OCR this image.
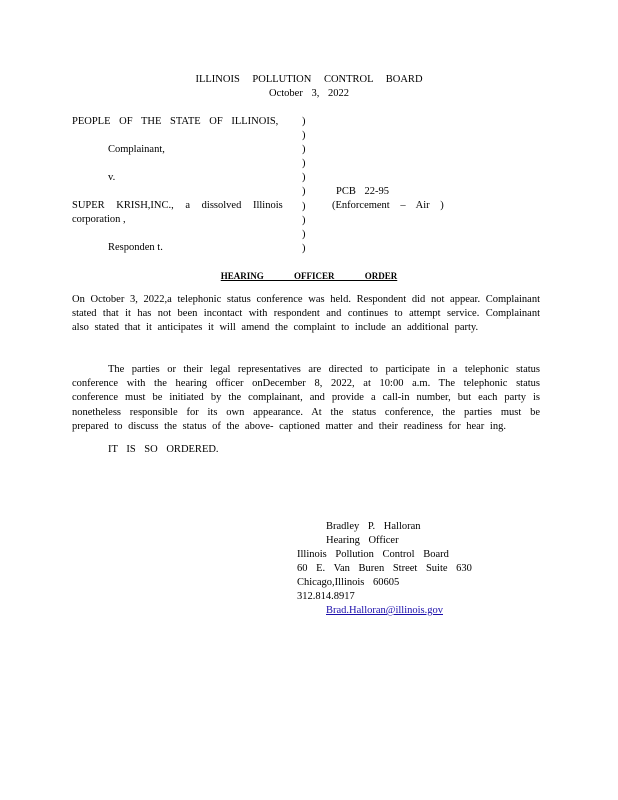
ILLINOIS POLLUTION CONTROL BOARD
October 3, 2022
PEOPLE OF THE STATE OF ILLINOIS,
Complainant,
v.
SUPER KRISH,INC., a dissolved Illinois
corporation ,
Responden t.
)
)
)
)
)
)
)
)
)
)
PCB 22-95
(Enforcement – Air )
HEARING OFFICER ORDER

On October 3, 2022,a telephonic status conference was held. Respondent did not appear. Complainant stated that it has not been incontact with respondent and continues to attempt service. Complainant also stated that it anticipates it will amend the complaint to include an additional party.

The parties or their legal representatives are directed to participate in a telephonic status conference with the hearing officer onDecember 8, 2022, at 10:00 a.m. The telephonic status conference must be initiated by the complainant, and provide a call-in number, but each party is nonetheless responsible for its own appearance. At the status conference, the parties must be prepared to discuss the status of the above- captioned matter and their readiness for hear ing.

IT IS SO ORDERED.
Bradley P. Halloran
Hearing Officer
Illinois Pollution Control Board
60 E. Van Buren Street Suite 630
Chicago,Illinois 60605
312.814.8917
Brad.Halloran@illinois.gov
